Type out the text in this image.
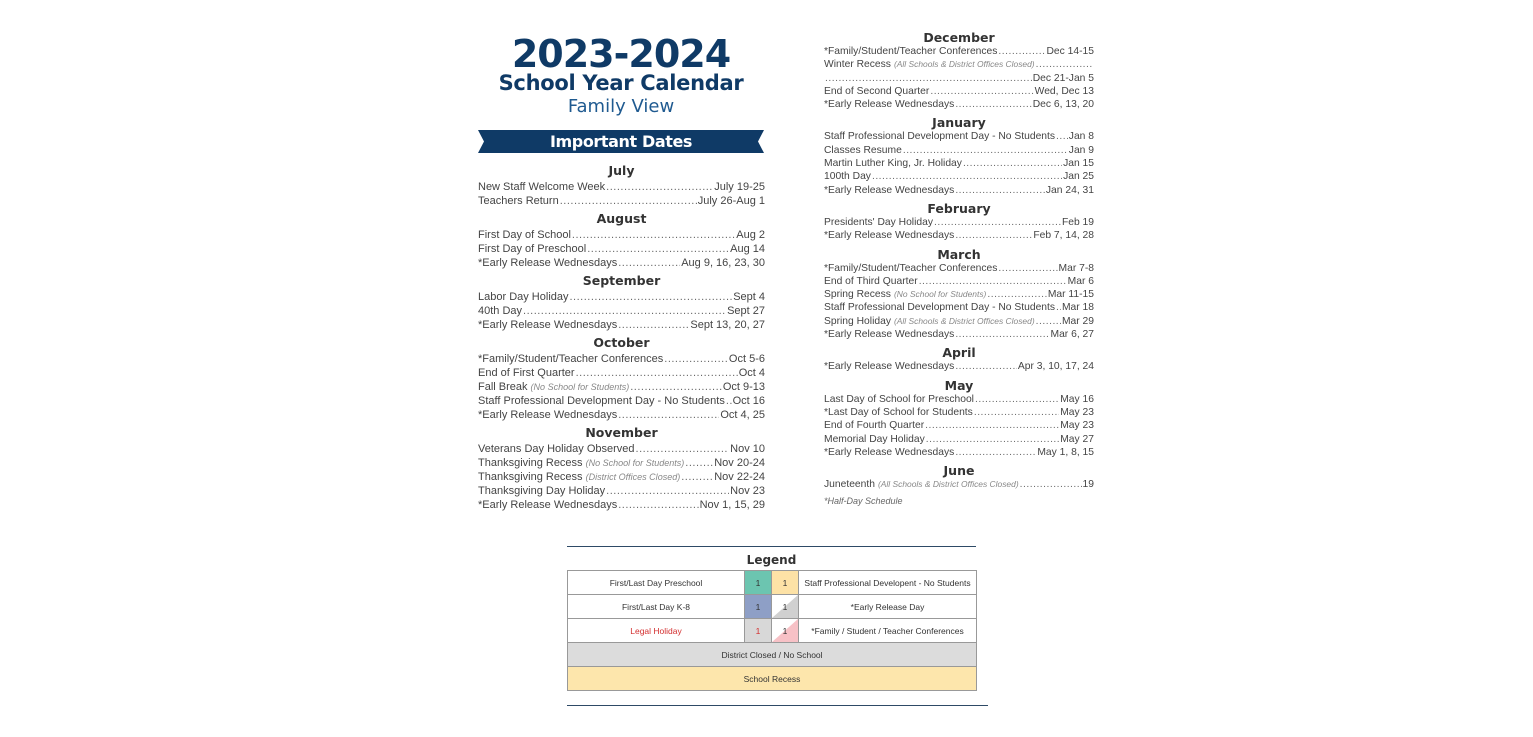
2023-2024
School Year Calendar
Family View
Important Dates
July
New Staff Welcome Week .....	July 19-25
Teachers Return .....	July 26-Aug 1
August
First Day of School .....	Aug 2
First Day of Preschool .....	Aug 14
*Early Release Wednesdays .....	Aug 9, 16, 23, 30
September
Labor Day Holiday .....	Sept 4
40th Day .....	Sept 27
*Early Release Wednesdays .....	Sept 13, 20, 27
October
*Family/Student/Teacher Conferences .....	Oct 5-6
End of First Quarter .....	Oct 4
Fall Break (No School for Students) .....	Oct 9-13
Staff Professional Development Day - No Students ..... Oct 16
*Early Release Wednesdays .....	Oct 4, 25
November
Veterans Day Holiday Observed .....	Nov 10
Thanksgiving Recess (No School for Students) .....	Nov 20-24
Thanksgiving Recess (District Offices Closed) .....	Nov 22-24
Thanksgiving Day Holiday .....	Nov 23
*Early Release Wednesdays .....	Nov 1, 15, 29
December
*Family/Student/Teacher Conferences .....	Dec 14-15
Winter Recess (All Schools & District Offices Closed)
.....
.....
Dec 21-Jan 5
End of Second Quarter .....	Wed, Dec 13
*Early Release Wednesdays .....	Dec 6, 13, 20
January
Staff Professional Development Day - No Students ..... Jan 8
Classes Resume .....	Jan 9
Martin Luther King, Jr. Holiday .....	Jan 15
100th Day .....	Jan 25
*Early Release Wednesdays .....	Jan 24, 31
February
Presidents' Day Holiday .....	Feb 19
*Early Release Wednesdays .....	Feb 7, 14, 28
March
*Family/Student/Teacher Conferences .....	Mar 7-8
End of Third Quarter .....	Mar 6
Spring Recess (No School for Students) .....	Mar 11-15
Staff Professional Development Day - No Students ..... Mar 18
Spring Holiday (All Schools & District Offices Closed) .....	Mar 29
*Early Release Wednesdays .....	Mar 6, 27
April
*Early Release Wednesdays .....	Apr 3, 10, 17, 24
May
Last Day of School for Preschool .....	May 16
*Last Day of School for Students .....	May 23
End of Fourth Quarter .....	May 23
Memorial Day Holiday .....	May 27
*Early Release Wednesdays .....	May 1, 8, 15
June
Juneteenth (All Schools & District Offices Closed) .....	19
*Half-Day Schedule
Legend
First/Last Day Preschool	1	1	Staff Professional Developent - No Students
First/Last Day K-8	1	1	*Early Release Day
Legal Holiday	1	1	*Family / Student / Teacher Conferences
District Closed / No School			
School Recess			
